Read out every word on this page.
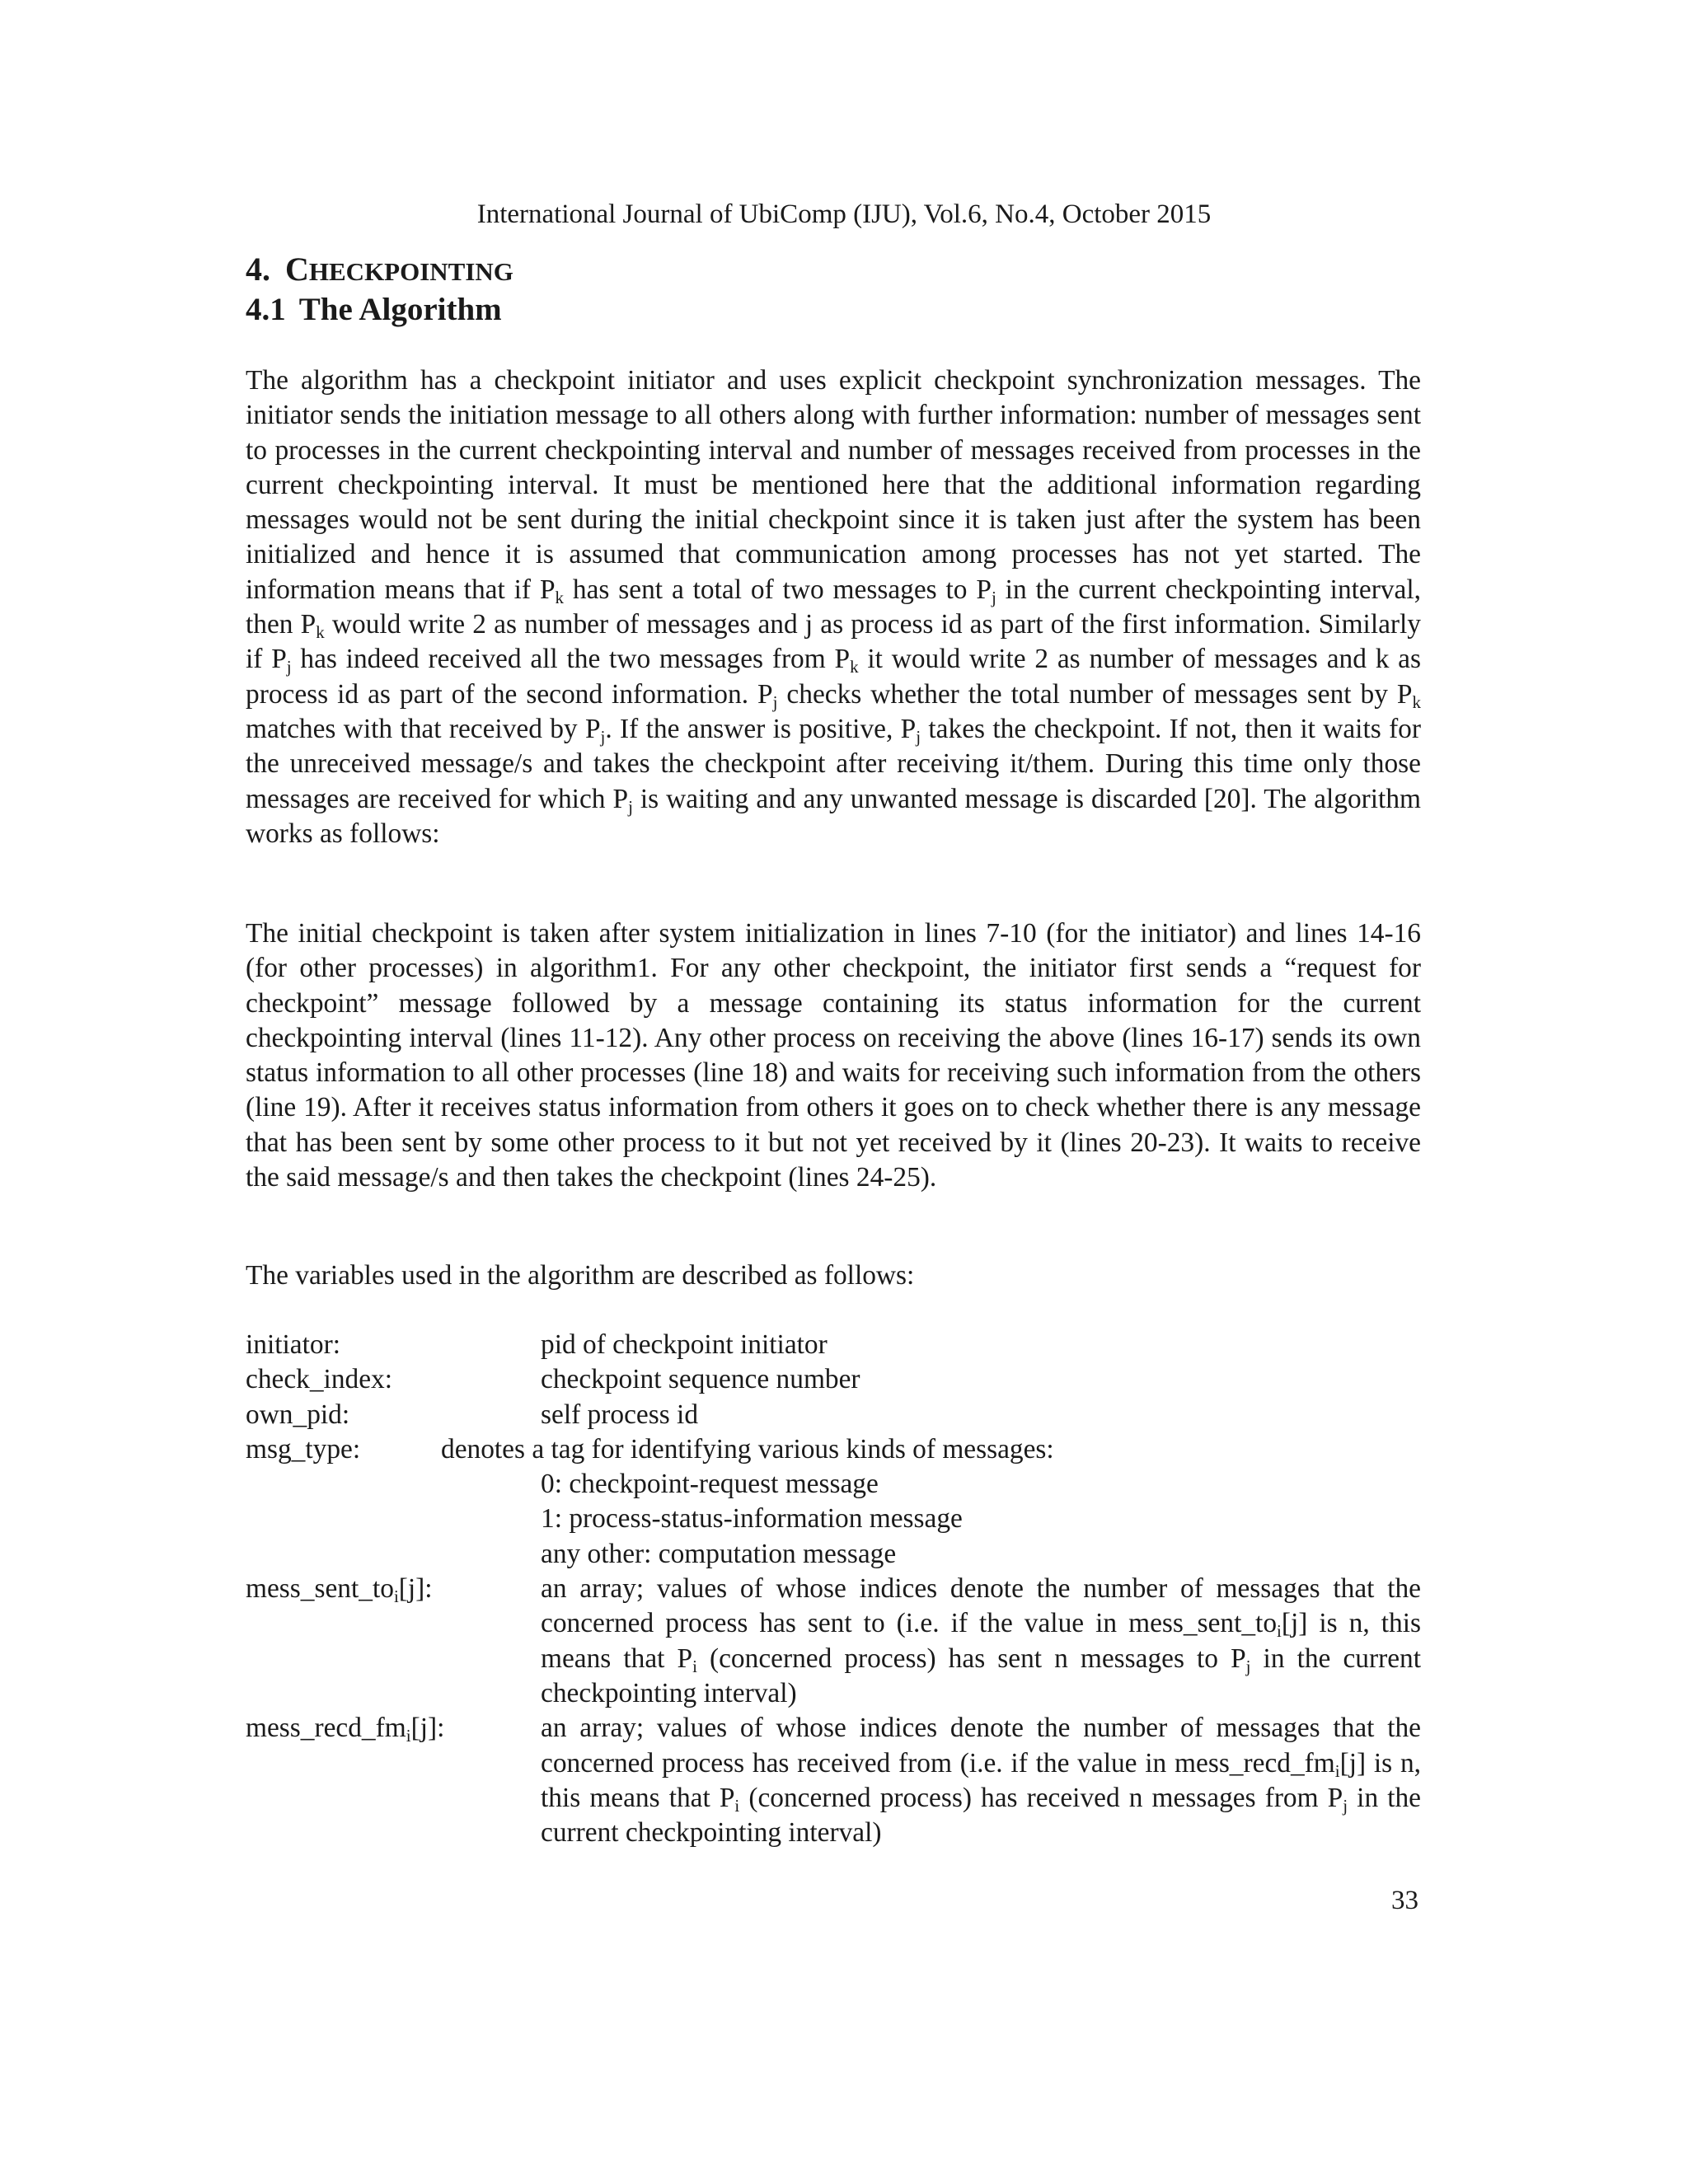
International Journal of UbiComp (IJU), Vol.6, No.4, October 2015
4. CHECKPOINTING
4.1 The Algorithm

The algorithm has a checkpoint initiator and uses explicit checkpoint synchronization messages. The initiator sends the initiation message to all others along with further information: number of messages sent to processes in the current checkpointing interval and number of messages received from processes in the current checkpointing interval. It must be mentioned here that the additional information regarding messages would not be sent during the initial checkpoint since it is taken just after the system has been initialized and hence it is assumed that communication among processes has not yet started. The information means that if $P_k$ has sent a total of two messages to $P_j$ in the current checkpointing interval, then $P_k$ would write 2 as number of messages and j as process id as part of the first information. Similarly if $P_j$ has indeed received all the two messages from $P_k$ it would write 2 as number of messages and k as process id as part of the second information. $P_j$ checks whether the total number of messages sent by $P_k$ matches with that received by $P_j$. If the answer is positive, $P_j$ takes the checkpoint. If not, then it waits for the unreceived message/s and takes the checkpoint after receiving it/them. During this time only those messages are received for which $P_j$ is waiting and any unwanted message is discarded [20]. The algorithm works as follows:

The initial checkpoint is taken after system initialization in lines 7-10 (for the initiator) and lines 14-16 (for other processes) in algorithm1. For any other checkpoint, the initiator first sends a “request for checkpoint” message followed by a message containing its status information for the current checkpointing interval (lines 11-12). Any other process on receiving the above (lines 16-17) sends its own status information to all other processes (line 18) and waits for receiving such information from the others (line 19). After it receives status information from others it goes on to check whether there is any message that has been sent by some other process to it but not yet received by it (lines 20-23). It waits to receive the said message/s and then takes the checkpoint (lines 24-25).

The variables used in the algorithm are described as follows:

initiator:	pid of checkpoint initiator
check_index:	checkpoint sequence number
own_pid:	self process id
msg_type:	denotes a tag for identifying various kinds of messages:
0: checkpoint-request message
1: process-status-information message
any other: computation message
$mess\_sent\_to_i[j]$:	an array; values of whose indices denote the number of messages that the concerned process has sent to (i.e. if the value in $mess\_sent\_to_i[j]$ is n, this means that $P_i$ (concerned process) has sent n messages to $P_j$ in the current checkpointing interval)
$mess\_recd\_fm_i[j]$:	an array; values of whose indices denote the number of messages that the concerned process has received from (i.e. if the value in $mess\_recd\_fm_i[j]$ is n, this means that $P_i$ (concerned process) has received n messages from $P_j$ in the current checkpointing interval)
33
